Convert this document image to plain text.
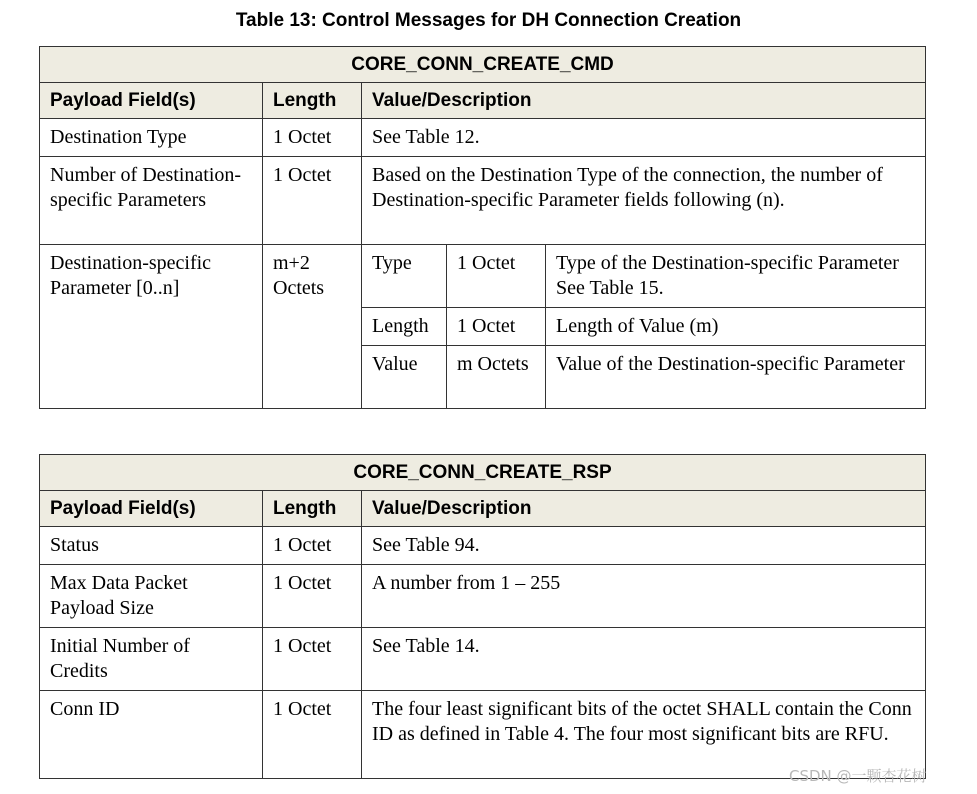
Table 13: Control Messages for DH Connection Creation
CORE_CONN_CREATE_CMD				
Payload Field(s)	Length	Value/Description		
Destination Type	1 Octet	See Table 12.		
Number of Destination-specific Parameters	1 Octet	Based on the Destination Type of the connection, the number of Destination-specific Parameter fields following (n).		
Destination-specific Parameter [0..n]	m+2 Octets	Type	1 Octet	Type of the Destination-specific Parameter See Table 15.
		Length	1 Octet	Length of Value (m)
		Value	m Octets	Value of the Destination-specific Parameter
CORE_CONN_CREATE_RSP		
Payload Field(s)	Length	Value/Description
Status	1 Octet	See Table 94.
Max Data Packet Payload Size	1 Octet	A number from 1 – 255
Initial Number of Credits	1 Octet	See Table 14.
Conn ID	1 Octet	The four least significant bits of the octet SHALL contain the Conn ID as defined in Table 4. The four most significant bits are RFU.
CSDN @一颗杏花树
